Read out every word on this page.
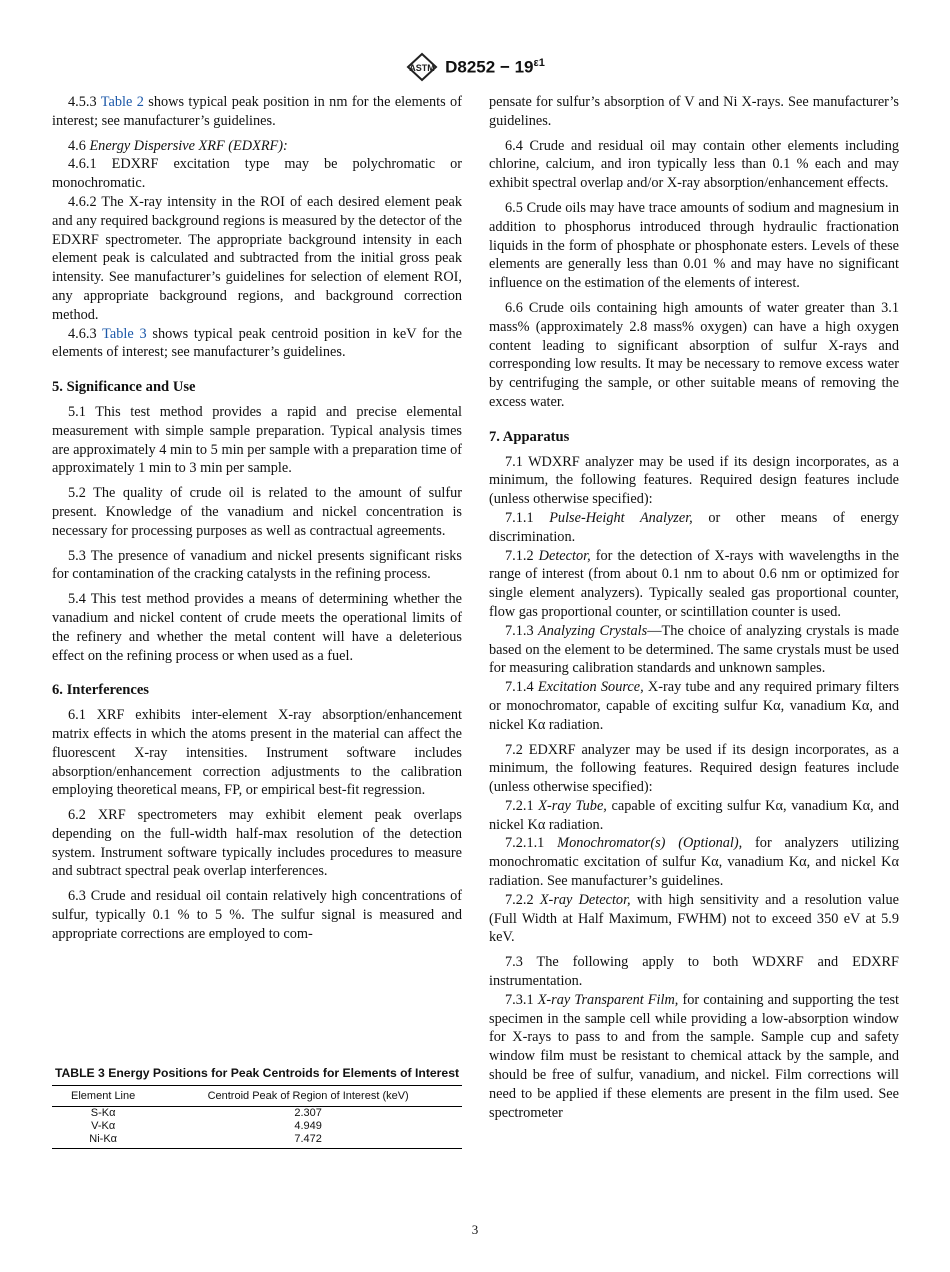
ASTM $D8252 - 19^{\varepsilon 1}$

4.5.3 Table 2 shows typical peak position in nm for the elements of interest; see manufacturer’s guidelines.

4.6 Energy Dispersive XRF (EDXRF):

4.6.1 EDXRF excitation type may be polychromatic or monochromatic.

4.6.2 The X-ray intensity in the ROI of each desired element peak and any required background regions is measured by the detector of the EDXRF spectrometer. The appropriate background intensity in each element peak is calculated and subtracted from the initial gross peak intensity. See manufacturer’s guidelines for selection of element ROI, any appropriate background regions, and background correction method.

4.6.3 Table 3 shows typical peak centroid position in keV for the elements of interest; see manufacturer’s guidelines.

5. Significance and Use

5.1 This test method provides a rapid and precise elemental measurement with simple sample preparation. Typical analysis times are approximately 4 min to 5 min per sample with a preparation time of approximately 1 min to 3 min per sample.

5.2 The quality of crude oil is related to the amount of sulfur present. Knowledge of the vanadium and nickel concentration is necessary for processing purposes as well as contractual agreements.

5.3 The presence of vanadium and nickel presents significant risks for contamination of the cracking catalysts in the refining process.

5.4 This test method provides a means of determining whether the vanadium and nickel content of crude meets the operational limits of the refinery and whether the metal content will have a deleterious effect on the refining process or when used as a fuel.

6. Interferences

6.1 XRF exhibits inter-element X-ray absorption/enhancement matrix effects in which the atoms present in the material can affect the fluorescent X-ray intensities. Instrument software includes absorption/enhancement correction adjustments to the calibration employing theoretical means, FP, or empirical best-fit regression.

6.2 XRF spectrometers may exhibit element peak overlaps depending on the full-width half-max resolution of the detection system. Instrument software typically includes procedures to measure and subtract spectral peak overlap interferences.

6.3 Crude and residual oil contain relatively high concentrations of sulfur, typically 0.1 % to 5 %. The sulfur signal is measured and appropriate corrections are employed to com-

TABLE 3 Energy Positions for Peak Centroids for Elements of Interest
Element Line	Centroid Peak of Region of Interest (keV)
S-Kα	2.307
V-Kα	4.949
Ni-Kα	7.472

pensate for sulfur’s absorption of V and Ni X-rays. See manufacturer’s guidelines.

6.4 Crude and residual oil may contain other elements including chlorine, calcium, and iron typically less than 0.1 % each and may exhibit spectral overlap and/or X-ray absorption/enhancement effects.

6.5 Crude oils may have trace amounts of sodium and magnesium in addition to phosphorus introduced through hydraulic fractionation liquids in the form of phosphate or phosphonate esters. Levels of these elements are generally less than 0.01 % and may have no significant influence on the estimation of the elements of interest.

6.6 Crude oils containing high amounts of water greater than 3.1 mass% (approximately 2.8 mass% oxygen) can have a high oxygen content leading to significant absorption of sulfur X-rays and corresponding low results. It may be necessary to remove excess water by centrifuging the sample, or other suitable means of removing the excess water.

7. Apparatus

7.1 WDXRF analyzer may be used if its design incorporates, as a minimum, the following features. Required design features include (unless otherwise specified):

7.1.1 Pulse-Height Analyzer, or other means of energy discrimination.

7.1.2 Detector, for the detection of X-rays with wavelengths in the range of interest (from about 0.1 nm to about 0.6 nm or optimized for single element analyzers). Typically sealed gas proportional counter, flow gas proportional counter, or scintillation counter is used.

7.1.3 Analyzing Crystals—The choice of analyzing crystals is made based on the element to be determined. The same crystals must be used for measuring calibration standards and unknown samples.

7.1.4 Excitation Source, X-ray tube and any required primary filters or monochromator, capable of exciting sulfur Kα, vanadium Kα, and nickel Kα radiation.

7.2 EDXRF analyzer may be used if its design incorporates, as a minimum, the following features. Required design features include (unless otherwise specified):

7.2.1 X-ray Tube, capable of exciting sulfur Kα, vanadium Kα, and nickel Kα radiation.

7.2.1.1 Monochromator(s) (Optional), for analyzers utilizing monochromatic excitation of sulfur Kα, vanadium Kα, and nickel Kα radiation. See manufacturer’s guidelines.

7.2.2 X-ray Detector, with high sensitivity and a resolution value (Full Width at Half Maximum, FWHM) not to exceed 350 eV at 5.9 keV.

7.3 The following apply to both WDXRF and EDXRF instrumentation.

7.3.1 X-ray Transparent Film, for containing and supporting the test specimen in the sample cell while providing a low-absorption window for X-rays to pass to and from the sample. Sample cup and safety window film must be resistant to chemical attack by the sample, and should be free of sulfur, vanadium, and nickel. Film corrections will need to be applied if these elements are present in the film used. See spectrometer

3
